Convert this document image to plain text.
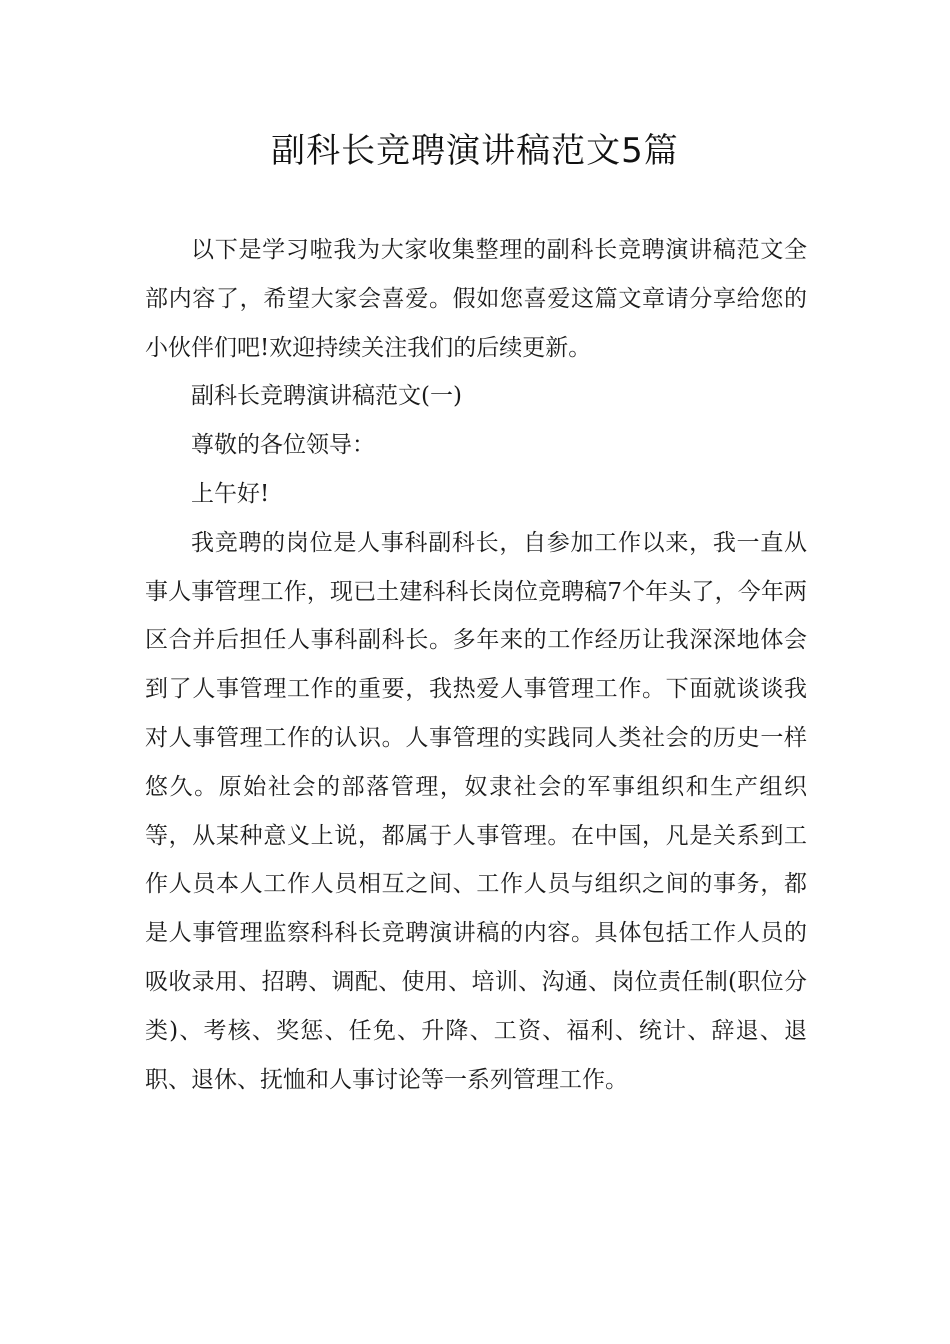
副科长竞聘演讲稿范文5篇

以下是学习啦我为大家收集整理的副科长竞聘演讲稿范文全部内容了，希望大家会喜爱。假如您喜爱这篇文章请分享给您的小伙伴们吧!欢迎持续关注我们的后续更新。

副科长竞聘演讲稿范文(一)

尊敬的各位领导：

上午好!

我竞聘的岗位是人事科副科长，自参加工作以来，我一直从事人事管理工作，现已土建科科长岗位竞聘稿7个年头了，今年两区合并后担任人事科副科长。多年来的工作经历让我深深地体会到了人事管理工作的重要，我热爱人事管理工作。下面就谈谈我对人事管理工作的认识。人事管理的实践同人类社会的历史一样悠久。原始社会的部落管理，奴隶社会的军事组织和生产组织等，从某种意义上说，都属于人事管理。在中国，凡是关系到工作人员本人工作人员相互之间、工作人员与组织之间的事务，都是人事管理监察科科长竞聘演讲稿的内容。具体包括工作人员的吸收录用、招聘、调配、使用、培训、沟通、岗位责任制(职位分类)、考核、奖惩、任免、升降、工资、福利、统计、辞退、退职、退休、抚恤和人事讨论等一系列管理工作。
